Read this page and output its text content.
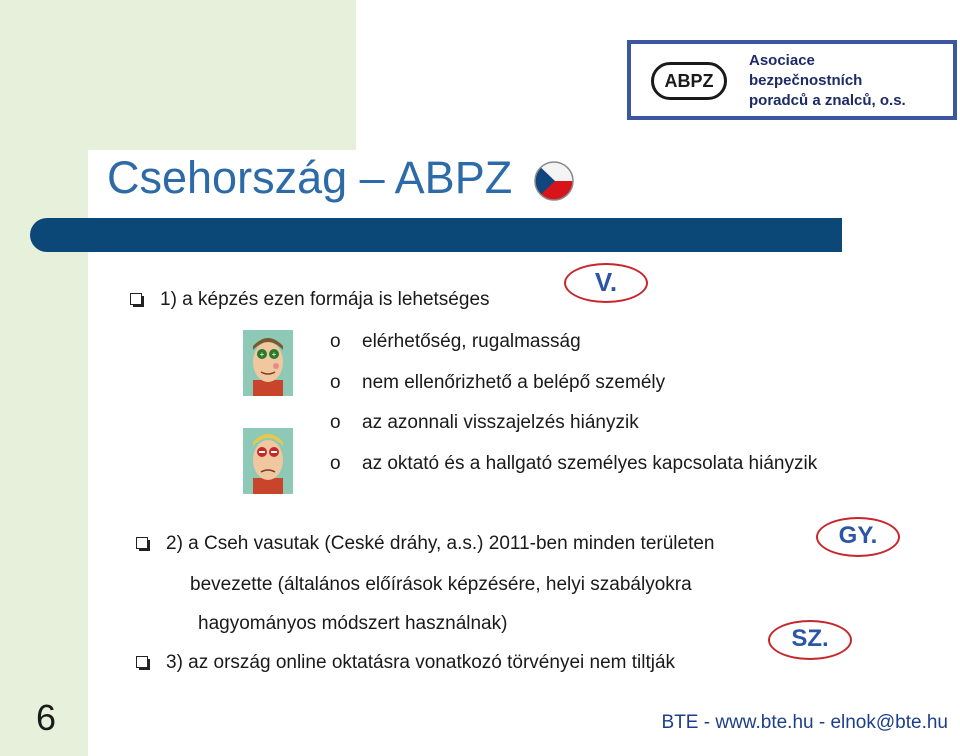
Csehország – ABPZ
ABPZ
Asociace
bezpečnostních
poradců a znalců, o.s.
1) a képzés ezen formája is lehetséges
V.
+ +
o elérhetőség, rugalmasság
o nem ellenőrizhető a belépő személy
o az azonnali visszajelzés hiányzik
o az oktató és a hallgató személyes kapcsolata hiányzik
2) a Cseh vasutak (Ceské dráhy, a.s.) 2011-ben minden területen	GY.
bevezette (általános előírások képzésére, helyi szabályokra
hagyományos módszert használnak)
3) az ország online oktatásra vonatkozó törvényei nem tiltják
SZ.
6	BTE - www.bte.hu - elnok@bte.hu
